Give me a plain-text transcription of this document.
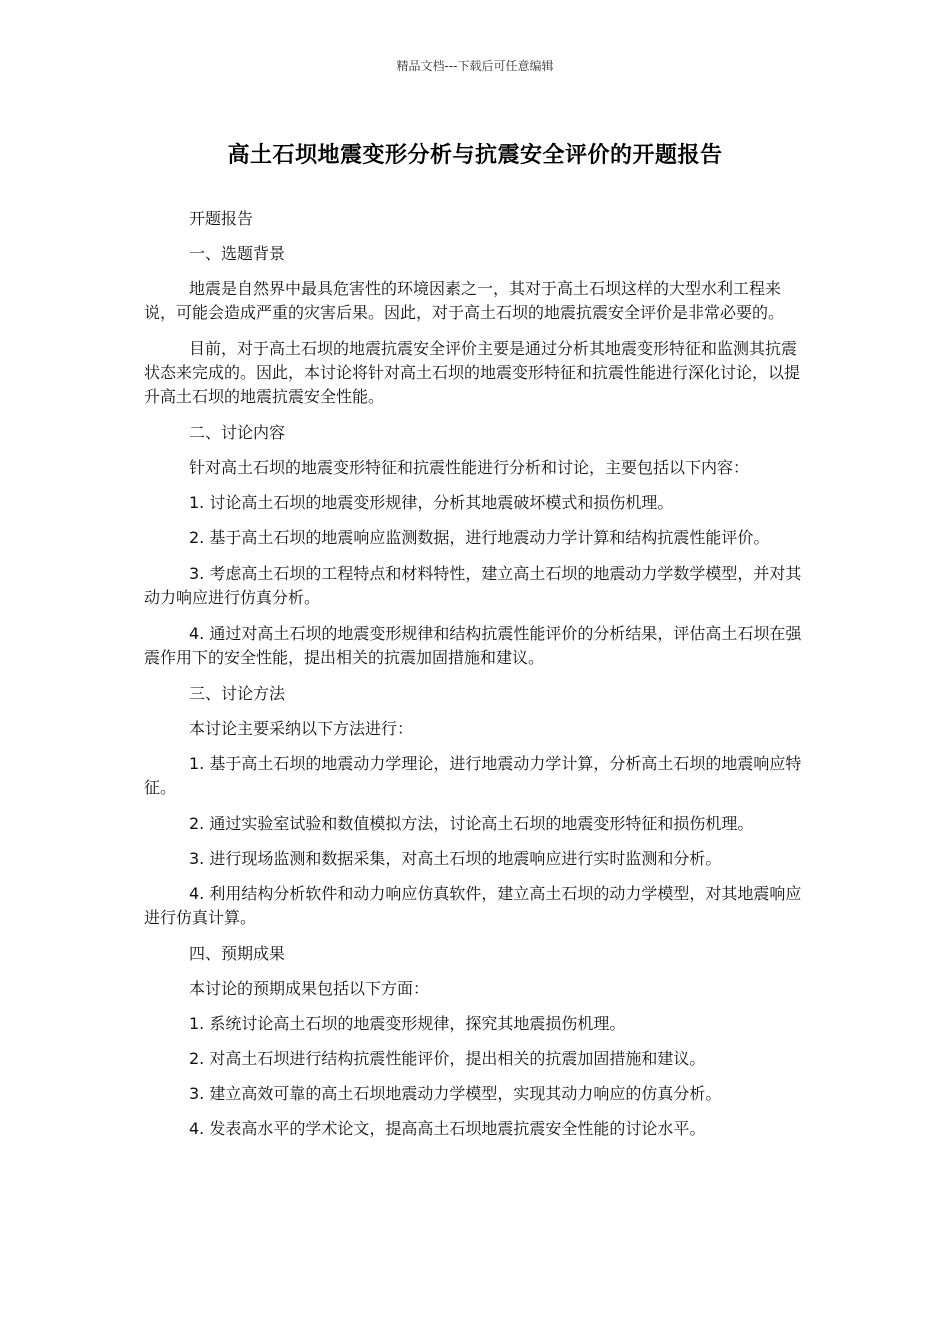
精品文档---下载后可任意编辑
高土石坝地震变形分析与抗震安全评价的开题报告

开题报告

一、选题背景

地震是自然界中最具危害性的环境因素之一，其对于高土石坝这样的大型水利工程来说，可能会造成严重的灾害后果。因此，对于高土石坝的地震抗震安全评价是非常必要的。

目前，对于高土石坝的地震抗震安全评价主要是通过分析其地震变形特征和监测其抗震状态来完成的。因此，本讨论将针对高土石坝的地震变形特征和抗震性能进行深化讨论，以提升高土石坝的地震抗震安全性能。

二、讨论内容

针对高土石坝的地震变形特征和抗震性能进行分析和讨论，主要包括以下内容：

1. 讨论高土石坝的地震变形规律，分析其地震破坏模式和损伤机理。

2. 基于高土石坝的地震响应监测数据，进行地震动力学计算和结构抗震性能评价。

3. 考虑高土石坝的工程特点和材料特性，建立高土石坝的地震动力学数学模型，并对其动力响应进行仿真分析。

4. 通过对高土石坝的地震变形规律和结构抗震性能评价的分析结果，评估高土石坝在强震作用下的安全性能，提出相关的抗震加固措施和建议。

三、讨论方法

本讨论主要采纳以下方法进行：

1. 基于高土石坝的地震动力学理论，进行地震动力学计算，分析高土石坝的地震响应特征。

2. 通过实验室试验和数值模拟方法，讨论高土石坝的地震变形特征和损伤机理。

3. 进行现场监测和数据采集，对高土石坝的地震响应进行实时监测和分析。

4. 利用结构分析软件和动力响应仿真软件，建立高土石坝的动力学模型，对其地震响应进行仿真计算。

四、预期成果

本讨论的预期成果包括以下方面：

1. 系统讨论高土石坝的地震变形规律，探究其地震损伤机理。

2. 对高土石坝进行结构抗震性能评价，提出相关的抗震加固措施和建议。

3. 建立高效可靠的高土石坝地震动力学模型，实现其动力响应的仿真分析。

4. 发表高水平的学术论文，提高高土石坝地震抗震安全性能的讨论水平。
